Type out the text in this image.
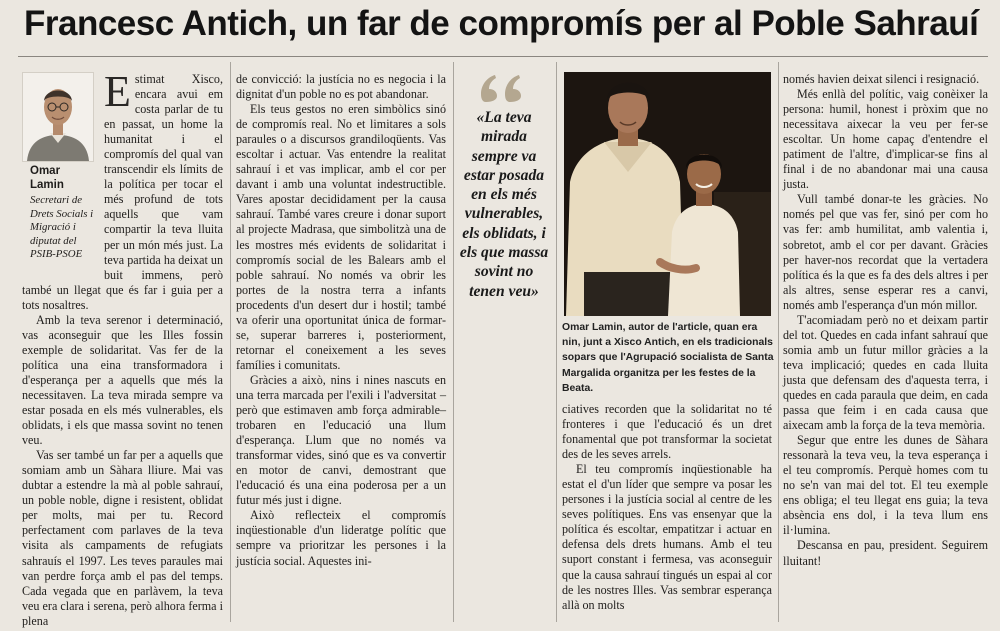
Francesc Antich, un far de compromís per al Poble Sahrauí
Omar Lamin
Secretari de Drets Socials i Migració i diputat del PSIB-PSOE

Estimat Xisco, encara avui em costa parlar de tu en passat, un home la humanitat i el compromís del qual van transcendir els límits de la política per tocar el més profund de tots aquells que vam compartir la teva lluita per un món més just. La teva partida ha deixat un buit immens, però també un llegat que és far i guia per a tots nosaltres.

Amb la teva serenor i determinació, vas aconseguir que les Illes fossin exemple de solidaritat. Vas fer de la política una eina transformadora i d'esperança per a aquells que més la necessitaven. La teva mirada sempre va estar posada en els més vulnerables, els oblidats, i els que massa sovint no tenen veu.

Vas ser també un far per a aquells que somiam amb un Sàhara lliure. Mai vas dubtar a estendre la mà al poble sahrauí, un poble noble, digne i resistent, oblidat per molts, mai per tu. Record perfectament com parlaves de la teva visita als campaments de refugiats sahrauís el 1997. Les teves paraules mai van perdre força amb el pas del temps. Cada vegada que en parlàvem, la teva veu era clara i serena, però alhora ferma i plena

de convicció: la justícia no es negocia i la dignitat d'un poble no es pot abandonar.

Els teus gestos no eren simbòlics sinó de compromís real. No et limitares a sols paraules o a discursos grandiloqüents. Vas escoltar i actuar. Vas entendre la realitat sahrauí i et vas implicar, amb el cor per davant i amb una voluntat indestructible. Vares apostar decididament per la causa sahrauí. També vares creure i donar suport al projecte Madrasa, que simbolitzà una de les mostres més evidents de solidaritat i compromís social de les Balears amb el poble sahrauí. No només va obrir les portes de la nostra terra a infants procedents d'un desert dur i hostil; també va oferir una oportunitat única de formar-se, superar barreres i, posteriorment, retornar el coneixement a les seves famílies i comunitats.

Gràcies a això, nins i nines nascuts en una terra marcada per l'exili i l'adversitat –però que estimaven amb força admirable– trobaren en l'educació una llum d'esperança. Llum que no només va transformar vides, sinó que es va convertir en motor de canvi, demostrant que l'educació és una eina poderosa per a un futur més just i digne.

Això reflecteix el compromís inqüestionable d'un lideratge polític que sempre va prioritzar les persones i la justícia social. Aquestes ini-

«La teva mirada sempre va estar posada en els més vulnerables, els oblidats, i els que massa sovint no tenen veu»
Omar Lamin, autor de l'article, quan era nin, junt a Xisco Antich, en els tradicionals sopars que l'Agrupació socialista de Santa Margalida organitza per les festes de la Beata.

ciatives recorden que la solidaritat no té fronteres i que l'educació és un dret fonamental que pot transformar la societat des de les seves arrels.

El teu compromís inqüestionable ha estat el d'un líder que sempre va posar les persones i la justícia social al centre de les seves polítiques. Ens vas ensenyar que la política és escoltar, empatitzar i actuar en defensa dels drets humans. Amb el teu suport constant i fermesa, vas aconseguir que la causa sahrauí tingués un espai al cor de les nostres Illes. Vas sembrar esperança allà on molts

només havien deixat silenci i resignació.

Més enllà del polític, vaig conèixer la persona: humil, honest i pròxim que no necessitava aixecar la veu per fer-se escoltar. Un home capaç d'entendre el patiment de l'altre, d'implicar-se fins al final i de no abandonar mai una causa justa.

Vull també donar-te les gràcies. No només pel que vas fer, sinó per com ho vas fer: amb humilitat, amb valentia i, sobretot, amb el cor per davant. Gràcies per haver-nos recordat que la vertadera política és la que es fa des dels altres i per als altres, sense esperar res a canvi, només amb l'esperança d'un món millor.

T'acomiadam però no et deixam partir del tot. Quedes en cada infant sahrauí que somia amb un futur millor gràcies a la teva implicació; quedes en cada lluita justa que defensam des d'aquesta terra, i quedes en cada paraula que deim, en cada passa que feim i en cada causa que aixecam amb la força de la teva memòria.

Segur que entre les dunes de Sàhara ressonarà la teva veu, la teva esperança i el teu compromís. Perquè homes com tu no se'n van mai del tot. El teu exemple ens obliga; el teu llegat ens guia; la teva absència ens dol, i la teva llum ens il·lumina.

Descansa en pau, president. Seguirem lluitant!
